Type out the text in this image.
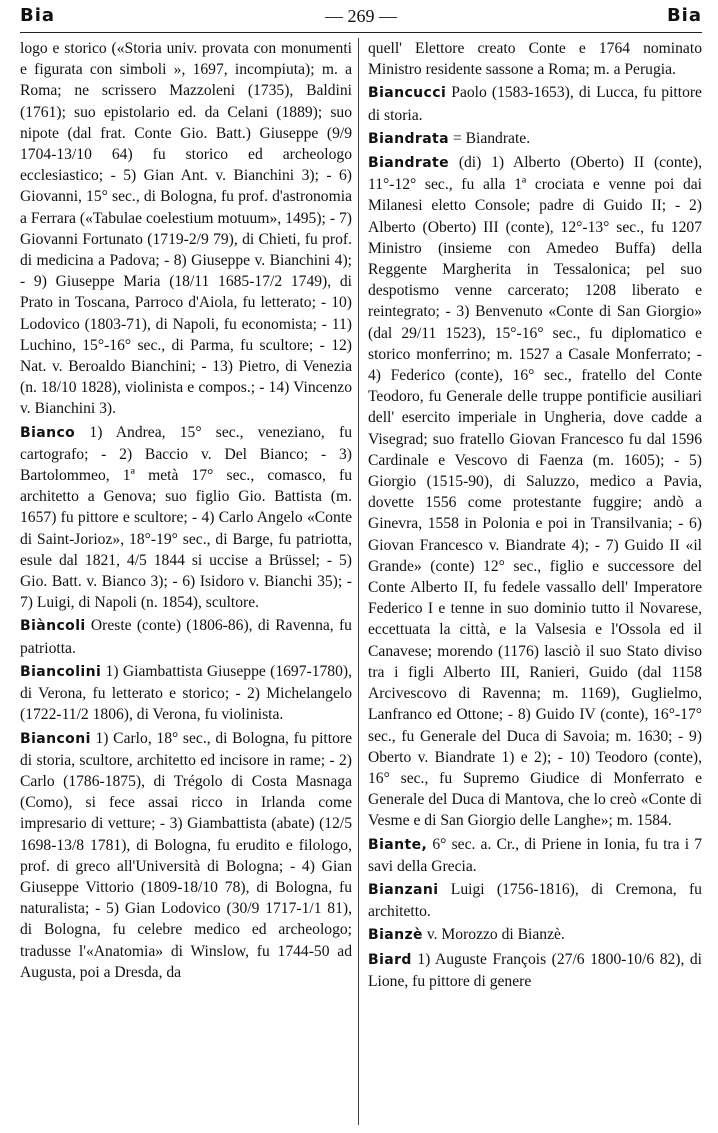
Bia	— 269 —	Bia

logo e storico («Storia univ. provata con monumenti e figurata con simboli », 1697, incompiuta); m. a Roma; ne scrissero Mazzoleni (1735), Baldini (1761); suo epistolario ed. da Celani (1889); suo nipote (dal frat. Conte Gio. Batt.) Giuseppe (9/9 1704-13/10 64) fu storico ed archeologo ecclesiastico; - 5) Gian Ant. v. Bianchini 3); - 6) Giovanni, 15° sec., di Bologna, fu prof. d'astronomia a Ferrara («Tabulae coelestium motuum», 1495); - 7) Giovanni Fortunato (1719-2/9 79), di Chieti, fu prof. di medicina a Padova; - 8) Giuseppe v. Bianchini 4); - 9) Giuseppe Maria (18/11 1685-17/2 1749), di Prato in Toscana, Parroco d'Aiola, fu letterato; - 10) Lodovico (1803-71), di Napoli, fu economista; - 11) Luchino, 15°-16° sec., di Parma, fu scultore; - 12) Nat. v. Beroaldo Bianchini; - 13) Pietro, di Venezia (n. 18/10 1828), violinista e compos.; - 14) Vincenzo v. Bianchini 3).

Bianco 1) Andrea, 15° sec., veneziano, fu cartografo; - 2) Baccio v. Del Bianco; - 3) Bartolommeo, 1ª metà 17° sec., comasco, fu architetto a Genova; suo figlio Gio. Battista (m. 1657) fu pittore e scultore; - 4) Carlo Angelo «Conte di Saint-Jorioz», 18°-19° sec., di Barge, fu patriotta, esule dal 1821, 4/5 1844 si uccise a Brüssel; - 5) Gio. Batt. v. Bianco 3); - 6) Isidoro v. Bianchi 35); - 7) Luigi, di Napoli (n. 1854), scultore.

Biàncoli Oreste (conte) (1806-86), di Ravenna, fu patriotta.

Biancolini 1) Giambattista Giuseppe (1697-1780), di Verona, fu letterato e storico; - 2) Michelangelo (1722-11/2 1806), di Verona, fu violinista.

Bianconi 1) Carlo, 18° sec., di Bologna, fu pittore di storia, scultore, architetto ed incisore in rame; - 2) Carlo (1786-1875), di Trégolo di Costa Masnaga (Como), si fece assai ricco in Irlanda come impresario di vetture; - 3) Giambattista (abate) (12/5 1698-13/8 1781), di Bologna, fu erudito e filologo, prof. di greco all'Università di Bologna; - 4) Gian Giuseppe Vittorio (1809-18/10 78), di Bologna, fu naturalista; - 5) Gian Lodovico (30/9 1717-1/1 81), di Bologna, fu celebre medico ed archeologo; tradusse l'«Anatomia» di Winslow, fu 1744-50 ad Augusta, poi a Dresda, da

quell' Elettore creato Conte e 1764 nominato Ministro residente sassone a Roma; m. a Perugia.

Biancucci Paolo (1583-1653), di Lucca, fu pittore di storia.

Biandrata = Biandrate.

Biandrate (di) 1) Alberto (Oberto) II (conte), 11°-12° sec., fu alla 1ª crociata e venne poi dai Milanesi eletto Console; padre di Guido II; - 2) Alberto (Oberto) III (conte), 12°-13° sec., fu 1207 Ministro (insieme con Amedeo Buffa) della Reggente Margherita in Tessalonica; pel suo despotismo venne carcerato; 1208 liberato e reintegrato; - 3) Benvenuto «Conte di San Giorgio» (dal 29/11 1523), 15°-16° sec., fu diplomatico e storico monferrino; m. 1527 a Casale Monferrato; - 4) Federico (conte), 16° sec., fratello del Conte Teodoro, fu Generale delle truppe pontificie ausiliari dell' esercito imperiale in Ungheria, dove cadde a Visegrad; suo fratello Giovan Francesco fu dal 1596 Cardinale e Vescovo di Faenza (m. 1605); - 5) Giorgio (1515-90), di Saluzzo, medico a Pavia, dovette 1556 come protestante fuggire; andò a Ginevra, 1558 in Polonia e poi in Transilvania; - 6) Giovan Francesco v. Biandrate 4); - 7) Guido II «il Grande» (conte) 12° sec., figlio e successore del Conte Alberto II, fu fedele vassallo dell' Imperatore Federico I e tenne in suo dominio tutto il Novarese, eccettuata la città, e la Valsesia e l'Ossola ed il Canavese; morendo (1176) lasciò il suo Stato diviso tra i figli Alberto III, Ranieri, Guido (dal 1158 Arcivescovo di Ravenna; m. 1169), Guglielmo, Lanfranco ed Ottone; - 8) Guido IV (conte), 16°-17° sec., fu Generale del Duca di Savoia; m. 1630; - 9) Oberto v. Biandrate 1) e 2); - 10) Teodoro (conte), 16° sec., fu Supremo Giudice di Monferrato e Generale del Duca di Mantova, che lo creò «Conte di Vesme e di San Giorgio delle Langhe»; m. 1584.

Biante, 6° sec. a. Cr., di Priene in Ionia, fu tra i 7 savi della Grecia.

Bianzani Luigi (1756-1816), di Cremona, fu architetto.

Bianzè v. Morozzo di Bianzè.

Biard 1) Auguste François (27/6 1800-10/6 82), di Lione, fu pittore di genere
